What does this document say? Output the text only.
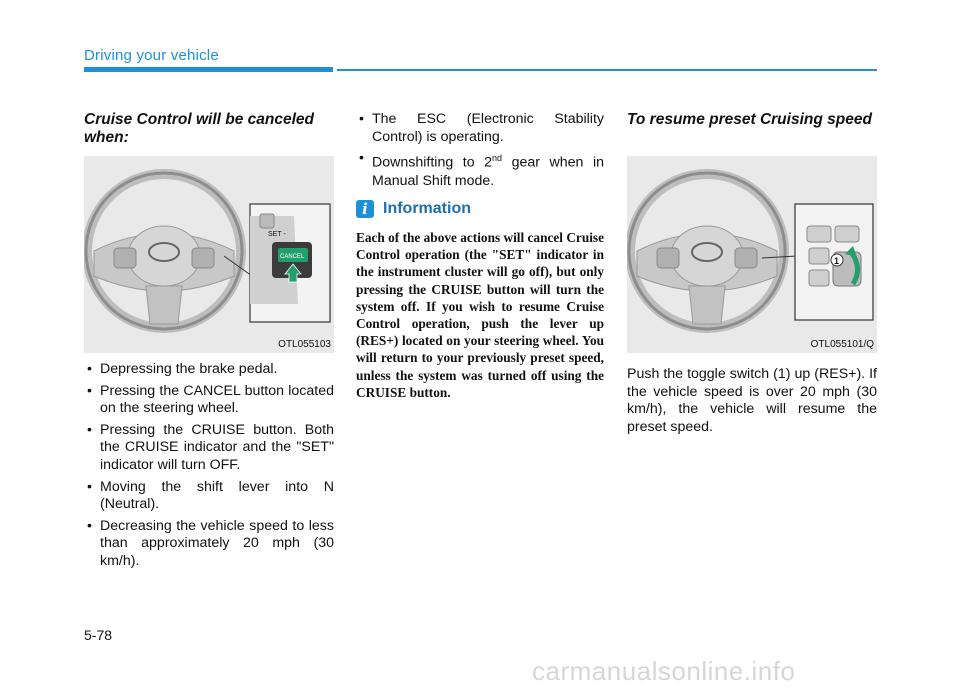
Driving your vehicle
Cruise Control will be canceled when:
SET -
CANCEL
OTL055103
• Depressing the brake pedal.
• Pressing the CANCEL button located on the steering wheel.
• Pressing the CRUISE button. Both the CRUISE indicator and the "SET" indicator will turn OFF.
• Moving the shift lever into N (Neutral).
• Decreasing the vehicle speed to less than approximately 20 mph (30 km/h).
• The ESC (Electronic Stability Control) is operating.
• Downshifting to 2nd gear when in Manual Shift mode.
i Information
Each of the above actions will cancel Cruise Control operation (the "SET" indicator in the instrument cluster will go off), but only pressing the CRUISE button will turn the system off. If you wish to resume Cruise Control operation, push the lever up (RES+) located on your steering wheel. You will return to your previously preset speed, unless the system was turned off using the CRUISE button.
To resume preset Cruising speed
1
OTL055101/Q
Push the toggle switch (1) up (RES+). If the vehicle speed is over 20 mph (30 km/h), the vehicle will resume the preset speed.
5-78
carmanualsonline.info
